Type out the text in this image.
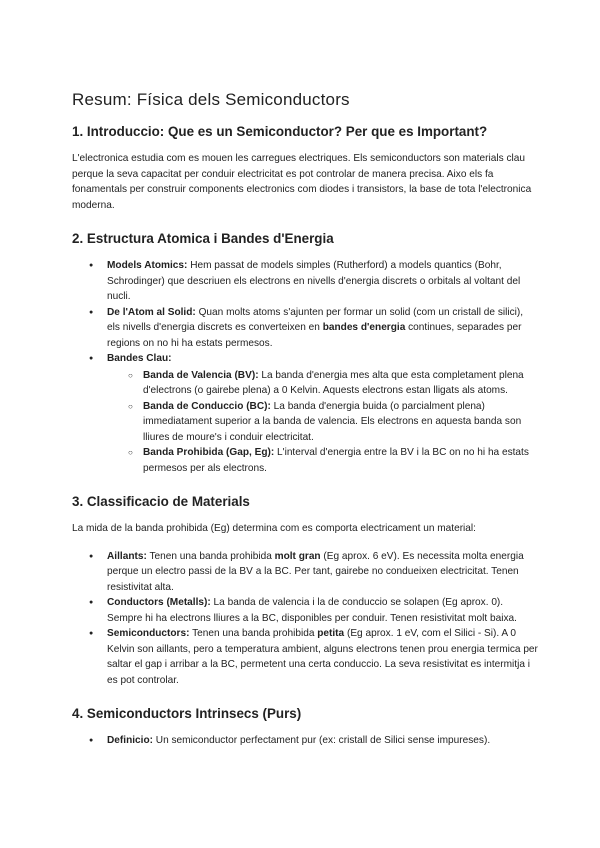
Resum: Física dels Semiconductors
1. Introduccio: Que es un Semiconductor? Per que es Important?

L'electronica estudia com es mouen les carregues electriques. Els semiconductors son materials clau perque la seva capacitat per conduir electricitat es pot controlar de manera precisa. Aixo els fa fonamentals per construir components electronics com diodes i transistors, la base de tota l'electronica moderna.

2. Estructura Atomica i Bandes d'Energia
● Models Atomics: Hem passat de models simples (Rutherford) a models quantics (Bohr, Schrodinger) que descriuen els electrons en nivells d'energia discrets o orbitals al voltant del nucli.
● De l'Atom al Solid: Quan molts atoms s'ajunten per formar un solid (com un cristall de silici), els nivells d'energia discrets es converteixen en bandes d'energia continues, separades per regions on no hi ha estats permesos.
● Bandes Clau:
○ Banda de Valencia (BV): La banda d'energia mes alta que esta completament plena d'electrons (o gairebe plena) a 0 Kelvin. Aquests electrons estan lligats als atoms.
○ Banda de Conduccio (BC): La banda d'energia buida (o parcialment plena) immediatament superior a la banda de valencia. Els electrons en aquesta banda son lliures de moure's i conduir electricitat.
○ Banda Prohibida (Gap, Eg): L'interval d'energia entre la BV i la BC on no hi ha estats permesos per als electrons.
3. Classificacio de Materials

La mida de la banda prohibida (Eg) determina com es comporta electricament un material:

● Aillants: Tenen una banda prohibida molt gran (Eg aprox. 6 eV). Es necessita molta energia perque un electro passi de la BV a la BC. Per tant, gairebe no condueixen electricitat. Tenen resistivitat alta.
● Conductors (Metalls): La banda de valencia i la de conduccio se solapen (Eg aprox. 0). Sempre hi ha electrons lliures a la BC, disponibles per conduir. Tenen resistivitat molt baixa.
● Semiconductors: Tenen una banda prohibida petita (Eg aprox. 1 eV, com el Silici - Si). A 0 Kelvin son aillants, pero a temperatura ambient, alguns electrons tenen prou energia termica per saltar el gap i arribar a la BC, permetent una certa conduccio. La seva resistivitat es intermitja i es pot controlar.
4. Semiconductors Intrinsecs (Purs)
● Definicio: Un semiconductor perfectament pur (ex: cristall de Silici sense impureses).
